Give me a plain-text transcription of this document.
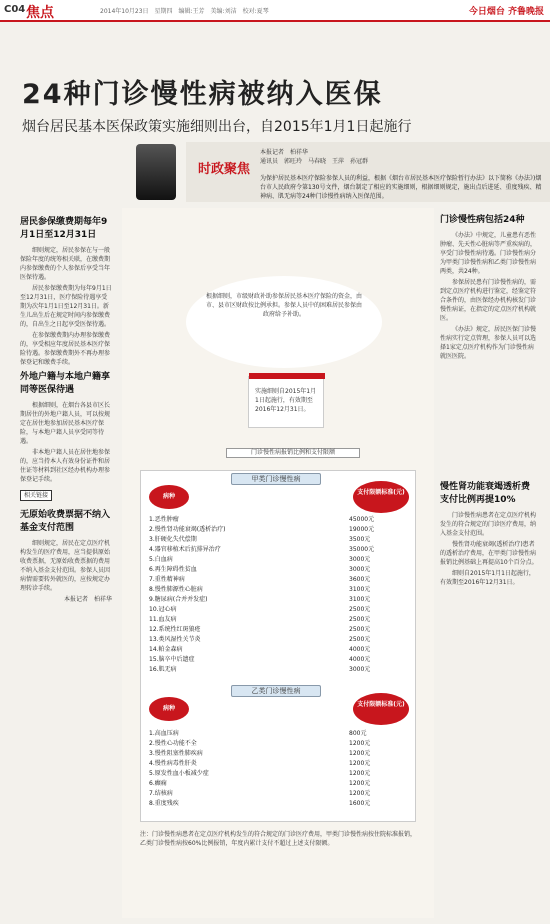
C04 焦点	2014年10月23日　星期四　编辑:王芳　美编:刘洁　校对:夏琴	今日烟台 齐鲁晚报
24种门诊慢性病被纳入医保
烟台居民基本医保政策实施细则出台，自2015年1月1日起施行
时政聚焦
本报记者　柏祥华
通讯员　郭旺玲　马春晓　王萍　孙冠群
为保护居民基本医疗保险参保人员的利益，根据《烟台市居民基本医疗保险暂行办法》以下简称《办法》)烟台市人民政府令第130号文件，烟台制定了相应的实施细则，根据细则规定，施出点后进延、重度残疾、精神病、肌无病等24种门诊慢性病纳入医保范围。
居民参保缴费期每年9月1日至12月31日

细则规定，居民参保在与一般保险年度的统筹相关联，在缴费期内参保缴费的个人参保后享受当年医保待遇。

居民参保缴费期为每年9月1日至12月31日，医疗保险待遇享受期为次年1月1日至12月31日。新生儿出生后在规定时间内参保缴费的，自出生之日起享受医保待遇。

在参保缴费期内办理参保缴费的，享受相应年度居民基本医疗保险待遇。参保缴费期外不再办理参保登记和缴费手续。

外地户籍与本地户籍享同等医保待遇

根据细则，在烟台各县市区长期居住的外地户籍人员，可以按规定在居住地参加居民基本医疗保险，与本地户籍人员享受同等待遇。

非本地户籍人员在居住地参保的，应当持本人有效身份证件和居住证等材料到社区经办机构办理参保登记手续。

相关链接
无原始收费票据不纳入基金支付范围

细则规定，居民在定点医疗机构发生的医疗费用，应当提供原始收费票据，无原始收费票据的费用不纳入基金支付范围。参保人员因病情需要转外就医的，应按规定办理转诊手续。

本报记者　柏祥华

根据细则，市级财政补助参保居民基本医疗保险的资金，由市、县市区财政按比例承担。参保人员中的困难居民参保由政府给予补助。
实施细则自2015年1月1日起施行，有效期至2016年12月31日。
门诊慢性病报销比例和支付限额
甲类门诊慢性病
病种
支付限额标准(元)
1.恶性肿瘤	45000元
2.慢性肾功能衰竭(透析治疗)	19000元
3.肝硬化失代偿期	3500元
4.器官移植术后抗排异治疗	35000元
5.白血病	3000元
6.再生障碍性贫血	3000元
7.重性精神病	3600元
8.慢性肺源性心脏病	3100元
9.糖尿病(合并并发症)	3100元
10.冠心病	2500元
11.血友病	2500元
12.系统性红斑狼疮	2500元
13.类风湿性关节炎	2500元
14.帕金森病	4000元
15.脑卒中后遗症	4000元
16.肌无病	3000元
乙类门诊慢性病
病种
支付限额标准(元)
1.高血压病	800元
2.慢性心功能不全	1200元
3.慢性阻塞性肺疾病	1200元
4.慢性病毒性肝炎	1200元
5.原发性血小板减少症	1200元
6.癫痫	1200元
7.结核病	1200元
8.重度残疾	1600元
注：门诊慢性病患者在定点医疗机构发生的符合规定的门诊医疗费用，甲类门诊慢性病按住院标准报销，乙类门诊慢性病按60%比例报销，年度内累计支付不超过上述支付限额。
门诊慢性病包括24种

《办法》中规定，儿童患有恶性肿瘤、先天性心脏病等严重疾病的，享受门诊慢性病待遇。门诊慢性病分为甲类门诊慢性病和乙类门诊慢性病两类，共24种。

参保居民患有门诊慢性病的，需到定点医疗机构进行鉴定，经鉴定符合条件的，由医保经办机构核发门诊慢性病证，在指定的定点医疗机构就医。

《办法》规定，居民医保门诊慢性病实行定点管理，参保人员可以选择1家定点医疗机构作为门诊慢性病就医医院。

慢性肾功能衰竭透析费支付比例再提10%

门诊慢性病患者在定点医疗机构发生的符合规定的门诊医疗费用，纳入基金支付范围。

慢性肾功能衰竭(透析治疗)患者的透析治疗费用，在甲类门诊慢性病报销比例基础上再提高10个百分点。

细则自2015年1月1日起施行，有效期至2016年12月31日。
